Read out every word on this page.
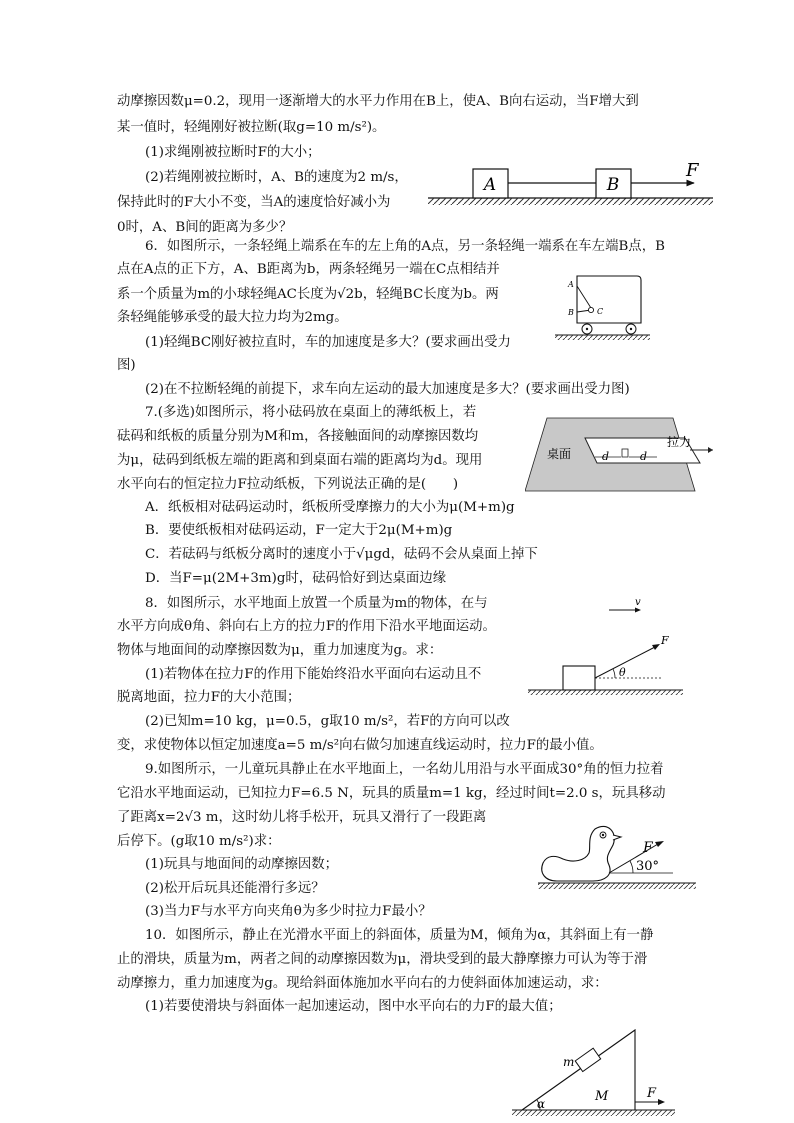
动摩擦因数μ=0.2，现用一逐渐增大的水平力作用在B上，使A、B向右运动，当F增大到
某一值时，轻绳刚好被拉断(取g=10 m/s²)。
(1)求绳刚被拉断时F的大小；
(2)若绳刚被拉断时，A、B的速度为2 m/s，
保持此时的F大小不变，当A的速度恰好减小为
0时，A、B间的距离为多少？
6．如图所示，一条轻绳上端系在车的左上角的A点，另一条轻绳一端系在车左端B点，B
点在A点的正下方，A、B距离为b，两条轻绳另一端在C点相结并
系一个质量为m的小球轻绳AC长度为√2b，轻绳BC长度为b。两
条轻绳能够承受的最大拉力均为2mg。
(1)轻绳BC刚好被拉直时，车的加速度是多大？(要求画出受力
图)
(2)在不拉断轻绳的前提下，求车向左运动的最大加速度是多大？(要求画出受力图)
7.(多选)如图所示，将小砝码放在桌面上的薄纸板上，若
砝码和纸板的质量分别为M和m，各接触面间的动摩擦因数均
为μ，砝码到纸板左端的距离和到桌面右端的距离均为d。现用
水平向右的恒定拉力F拉动纸板，下列说法正确的是(　　)
A．纸板相对砝码运动时，纸板所受摩擦力的大小为μ(M+m)g
B．要使纸板相对砝码运动，F一定大于2μ(M+m)g
C．若砝码与纸板分离时的速度小于√μgd，砝码不会从桌面上掉下
D．当F=μ(2M+3m)g时，砝码恰好到达桌面边缘
8．如图所示，水平地面上放置一个质量为m的物体，在与
水平方向成θ角、斜向右上方的拉力F的作用下沿水平地面运动。
物体与地面间的动摩擦因数为μ，重力加速度为g。求：
(1)若物体在拉力F的作用下能始终沿水平面向右运动且不
脱离地面，拉力F的大小范围；
(2)已知m=10 kg，μ=0.5，g取10 m/s²，若F的方向可以改
变，求使物体以恒定加速度a=5 m/s²向右做匀加速直线运动时，拉力F的最小值。
9.如图所示，一儿童玩具静止在水平地面上，一名幼儿用沿与水平面成30°角的恒力拉着
它沿水平地面运动，已知拉力F=6.5 N，玩具的质量m=1 kg，经过时间t=2.0 s，玩具移动
了距离x=2√3 m，这时幼儿将手松开，玩具又滑行了一段距离
后停下。(g取10 m/s²)求：
(1)玩具与地面间的动摩擦因数；
(2)松开后玩具还能滑行多远？
(3)当力F与水平方向夹角θ为多少时拉力F最小？
10．如图所示，静止在光滑水平面上的斜面体，质量为M，倾角为α，其斜面上有一静
止的滑块，质量为m，两者之间的动摩擦因数为μ，滑块受到的最大静摩擦力可认为等于滑
动摩擦力，重力加速度为g。现给斜面体施加水平向右的力使斜面体加速运动，求：
(1)若要使滑块与斜面体一起加速运动，图中水平向右的力F的最大值；
A	B
F
A
B	C
桌面	d	d
拉力
v
θ
F
F
30°
m
M
α
F
